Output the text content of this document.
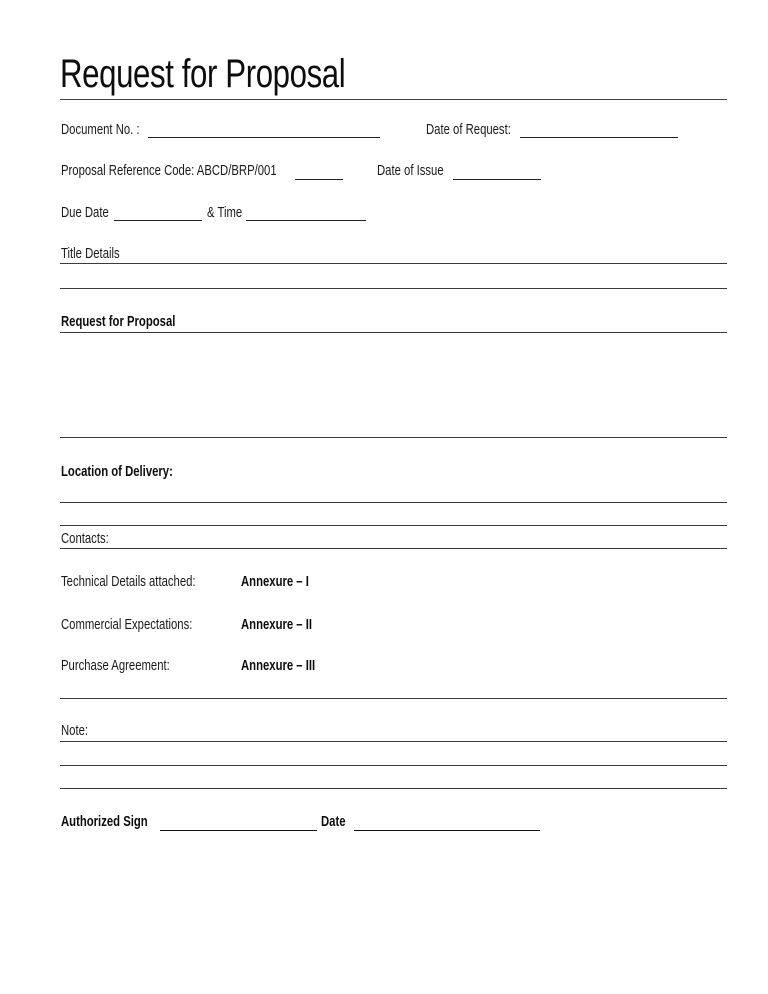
Request for Proposal
Document No. :	Date of Request:
Proposal Reference Code: ABCD/BRP/001	Date of Issue
Due Date	& Time
Title Details
Request for Proposal
Location of Delivery:
Contacts:
Technical Details attached:	Annexure – I
Commercial Expectations:	Annexure – II
Purchase Agreement:	Annexure – III
Note:
Authorized Sign	Date
